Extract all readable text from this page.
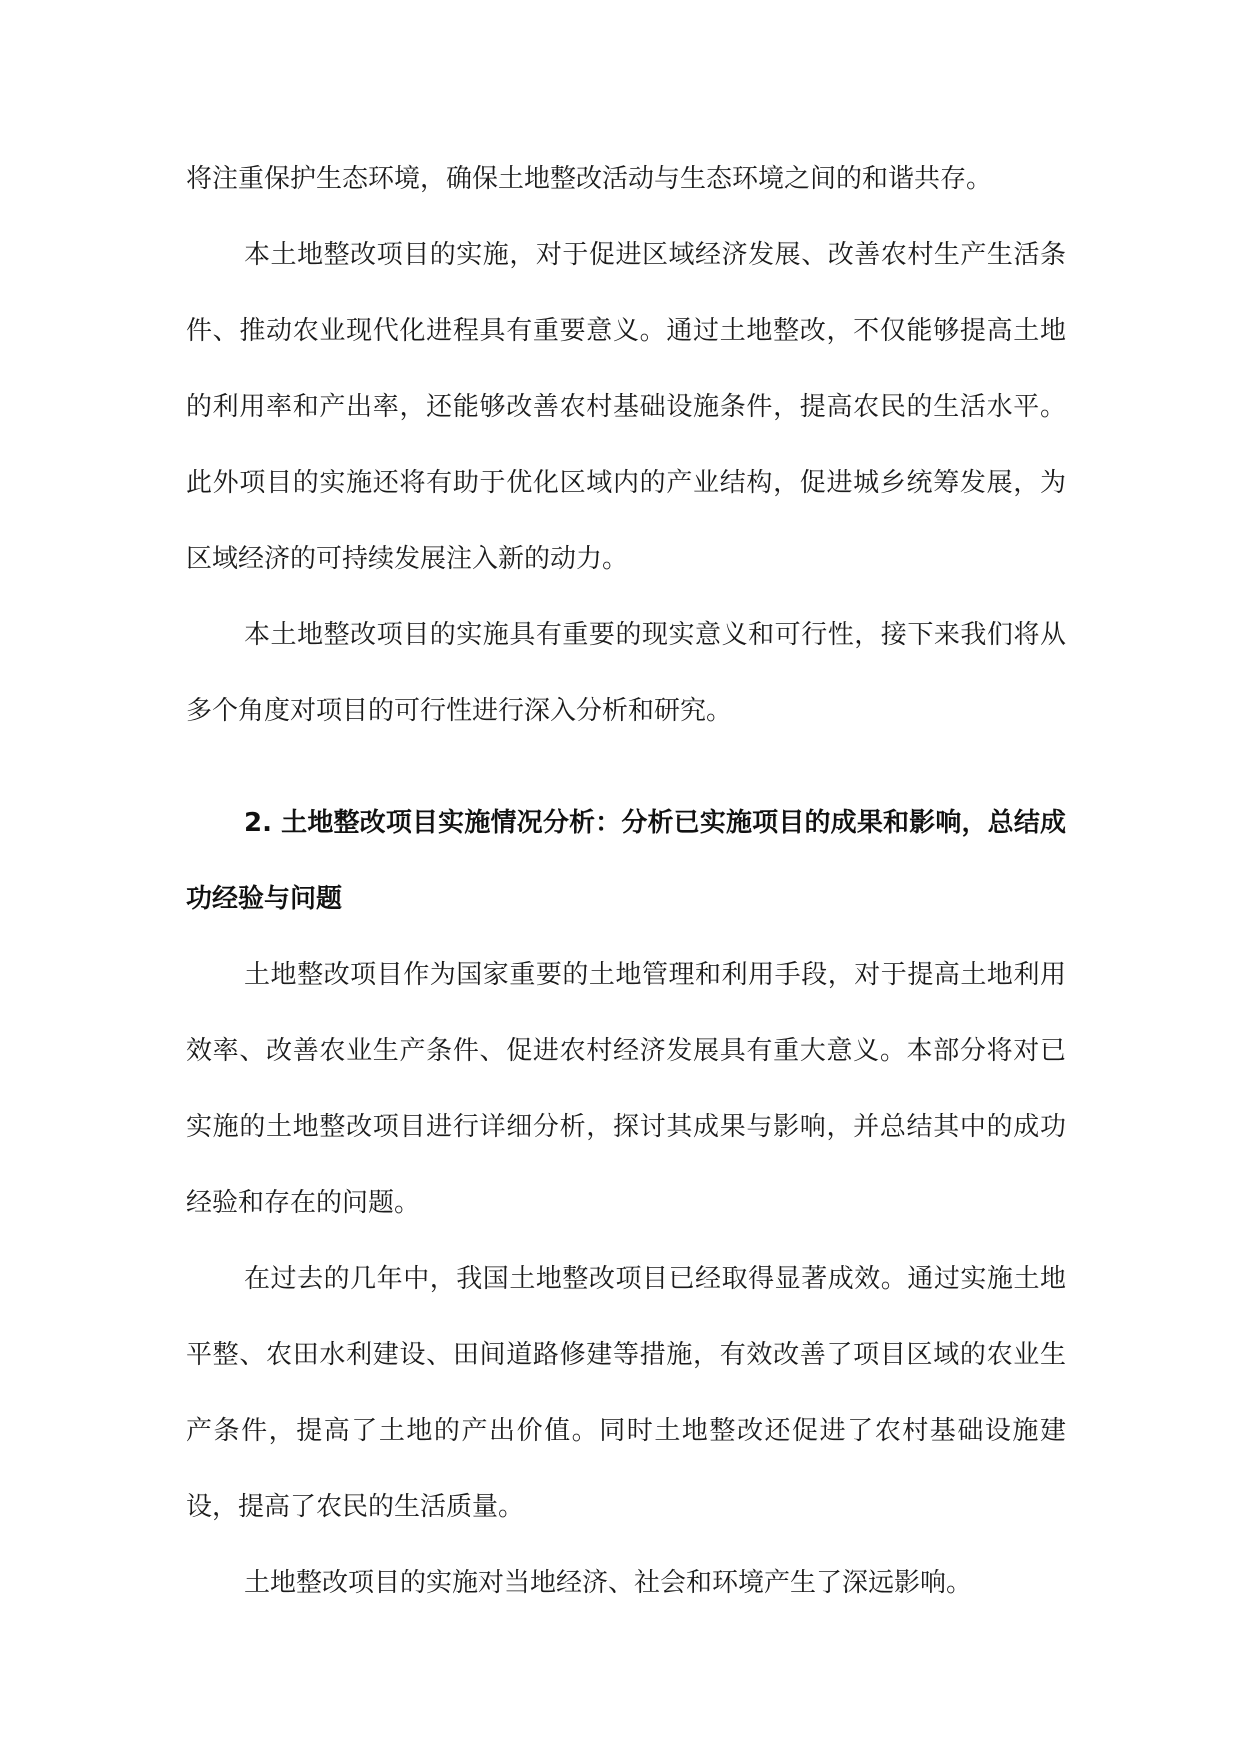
将注重保护生态环境，确保土地整改活动与生态环境之间的和谐共存。

本土地整改项目的实施，对于促进区域经济发展、改善农村生产生活条件、推动农业现代化进程具有重要意义。通过土地整改，不仅能够提高土地的利用率和产出率，还能够改善农村基础设施条件，提高农民的生活水平。此外项目的实施还将有助于优化区域内的产业结构，促进城乡统筹发展，为区域经济的可持续发展注入新的动力。

本土地整改项目的实施具有重要的现实意义和可行性，接下来我们将从多个角度对项目的可行性进行深入分析和研究。

2. 土地整改项目实施情况分析：分析已实施项目的成果和影响，总结成功经验与问题

土地整改项目作为国家重要的土地管理和利用手段，对于提高土地利用效率、改善农业生产条件、促进农村经济发展具有重大意义。本部分将对已实施的土地整改项目进行详细分析，探讨其成果与影响，并总结其中的成功经验和存在的问题。

在过去的几年中，我国土地整改项目已经取得显著成效。通过实施土地平整、农田水利建设、田间道路修建等措施，有效改善了项目区域的农业生产条件，提高了土地的产出价值。同时土地整改还促进了农村基础设施建设，提高了农民的生活质量。

土地整改项目的实施对当地经济、社会和环境产生了深远影响。
